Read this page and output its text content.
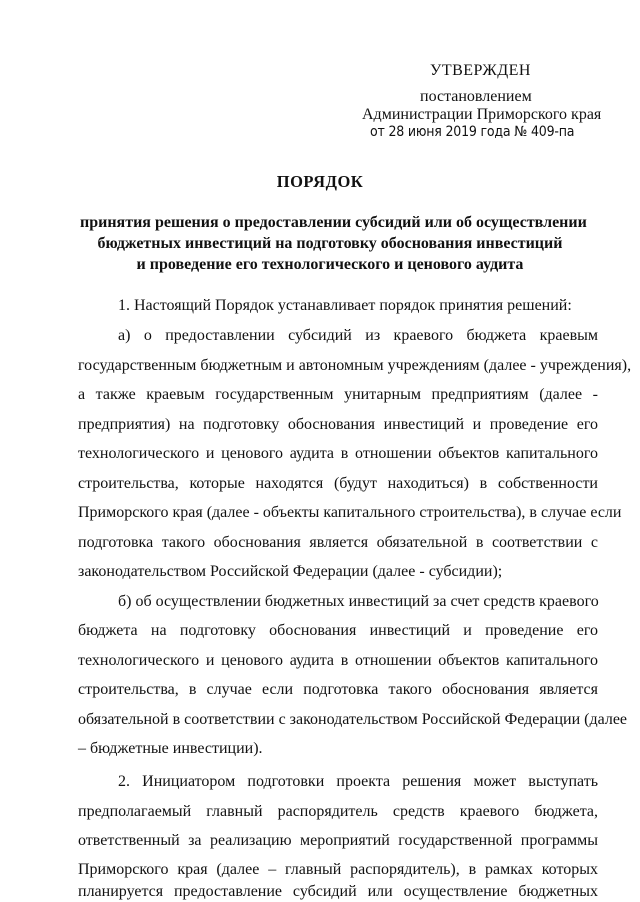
УТВЕРЖДЕН
постановлением
Администрации Приморского края
от 28 июня 2019 года № 409-па
ПОРЯДОК
принятия решения о предоставлении субсидий или об осуществлении
бюджетных инвестиций на подготовку обоснования инвестиций
и проведение его технологического и ценового аудита
1. Настоящий Порядок устанавливает порядок принятия решений:
а) о предоставлении субсидий из краевого бюджета краевым
государственным бюджетным и автономным учреждениям (далее - учреждения),
а также краевым государственным унитарным предприятиям (далее -
предприятия) на подготовку обоснования инвестиций и проведение его
технологического и ценового аудита в отношении объектов капитального
строительства, которые находятся (будут находиться) в собственности
Приморского края (далее - объекты капитального строительства), в случае если
подготовка такого обоснования является обязательной в соответствии с
законодательством Российской Федерации (далее - субсидии);
б) об осуществлении бюджетных инвестиций за счет средств краевого
бюджета на подготовку обоснования инвестиций и проведение его
технологического и ценового аудита в отношении объектов капитального
строительства, в случае если подготовка такого обоснования является
обязательной в соответствии с законодательством Российской Федерации (далее
– бюджетные инвестиции).
2. Инициатором подготовки проекта решения может выступать
предполагаемый главный распорядитель средств краевого бюджета,
ответственный за реализацию мероприятий государственной программы
Приморского края (далее – главный распорядитель), в рамках которых
планируется предоставление субсидий или осуществление бюджетных
